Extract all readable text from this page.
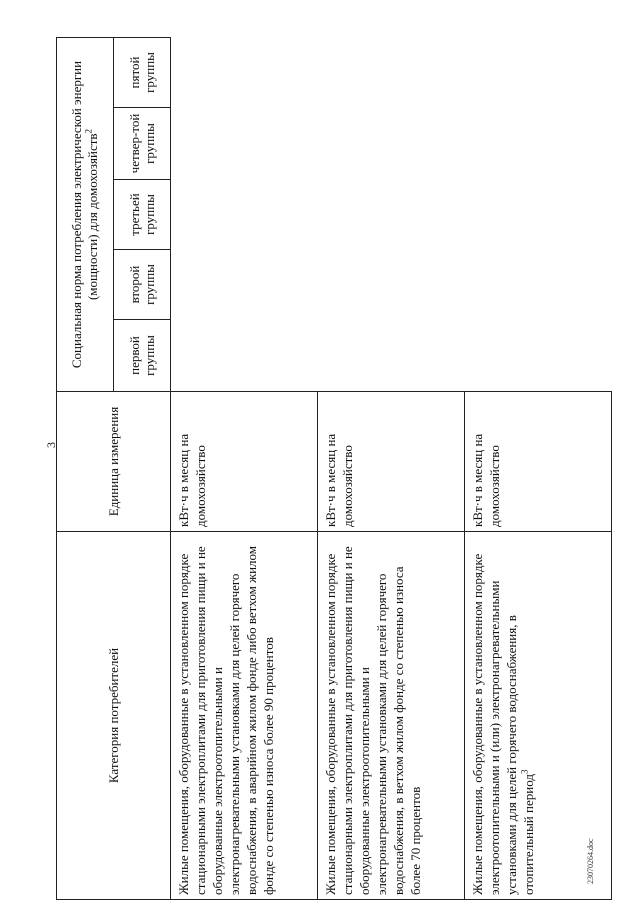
3
Категория потребителей	Единица измерения	Социальная норма потребления электрической энергии (мощности) для домохозяйств$^2$
		первой группы	второй группы	третьей группы	четвер-той группы	пятой группы
Жилые помещения, оборудованные в установленном порядке стационарными электроплитами для приготовления пищи и не оборудованные электроотопительными и электронагревательными установками для целей горячего водоснабжения, в аварийном жилом фонде либо ветхом жилом фонде со степенью износа более 90 процентов	кВт·ч в месяц на домохозяйство					
Жилые помещения, оборудованные в установленном порядке стационарными электроплитами для приготовления пищи и не оборудованные электроотопительными и электронагревательными установками для целей горячего водоснабжения, в ветхом жилом фонде со степенью износа более 70 процентов	кВт·ч в месяц на домохозяйство					
Жилые помещения, оборудованные в установленном порядке электроотопительными и (или) электронагревательными установками для целей горячего водоснабжения, в отопительный период$^3$	кВт·ч в месяц на домохозяйство					
23070264.doc
